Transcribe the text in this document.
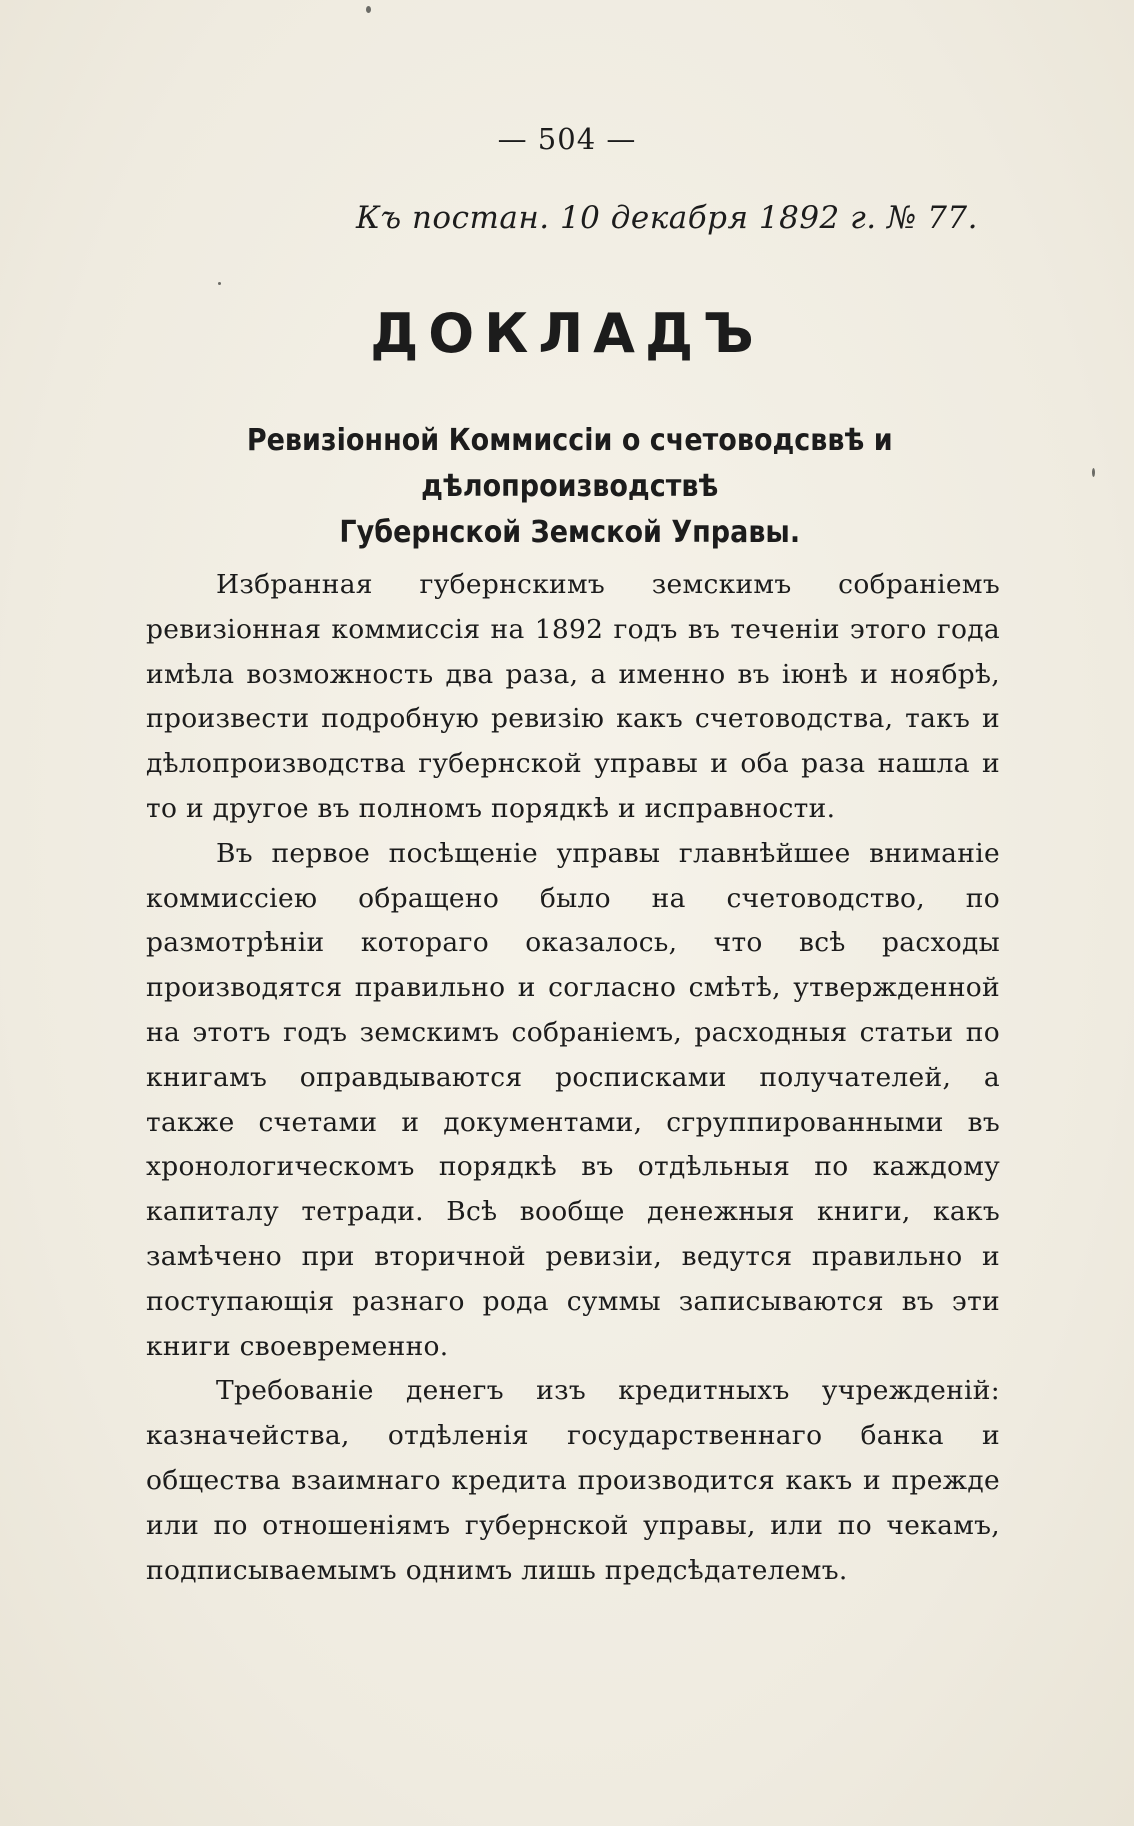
— 504 —
Къ постан. 10 декабря 1892 г. № 77.
ДОКЛАДЪ
Ревизіонной Коммиссіи о счетоводсввѣ и дѣлопроизводствѣ
Губернской Земской Управы.

Избранная губернскимъ земскимъ собраніемъ ревизіонная коммиссія на 1892 годъ въ теченіи этого года имѣла возможность два раза, а именно въ іюнѣ и ноябрѣ, произвести подробную ревизію какъ счетоводства, такъ и дѣлопроизводства губернской управы и оба раза нашла и то и другое въ полномъ порядкѣ и исправности.

Въ первое посѣщеніе управы главнѣйшее вниманіе коммиссіею обращено было на счетоводство, по размотрѣніи котораго оказалось, что всѣ расходы производятся правильно и согласно смѣтѣ, утвержденной на этотъ годъ земскимъ собраніемъ, расходныя статьи по книгамъ оправдываются росписками получателей, а также счетами и документами, сгруппированными въ хронологическомъ порядкѣ въ отдѣльныя по каждому капиталу тетради. Всѣ вообще денежныя книги, какъ замѣчено при вторичной ревизіи, ведутся правильно и поступающія разнаго рода суммы записываются въ эти книги своевременно.

Требованіе денегъ изъ кредитныхъ учрежденій: казначейства, отдѣленія государственнаго банка и общества взаимнаго кредита производится какъ и прежде или по отношеніямъ губернской управы, или по чекамъ, подписываемымъ однимъ лишь предсѣдателемъ.
